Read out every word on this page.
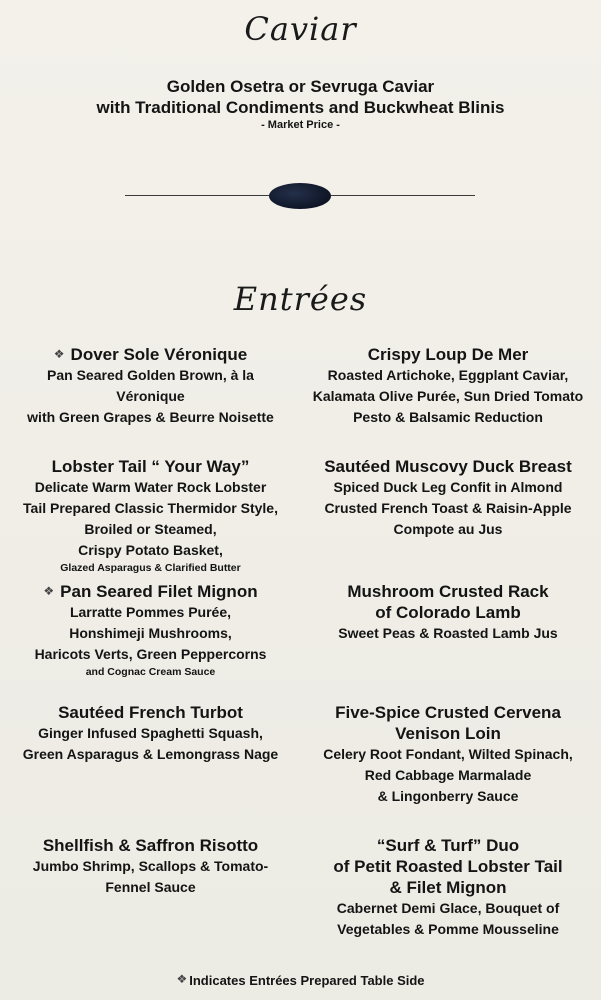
Caviar
Golden Osetra or Sevruga Caviar
with Traditional Condiments and Buckwheat Blinis
- Market Price -
Entrées
❖ Dover Sole Véronique
Pan Seared Golden Brown, à la
Véronique
with Green Grapes & Beurre Noisette
Lobster Tail “ Your Way”
Delicate Warm Water Rock Lobster
Tail Prepared Classic Thermidor Style,
Broiled or Steamed,
Crispy Potato Basket,
Glazed Asparagus & Clarified Butter
❖ Pan Seared Filet Mignon
Larratte Pommes Purée,
Honshimeji Mushrooms,
Haricots Verts, Green Peppercorns
and Cognac Cream Sauce
Sautéed French Turbot
Ginger Infused Spaghetti Squash,
Green Asparagus & Lemongrass Nage
Shellfish & Saffron Risotto
Jumbo Shrimp, Scallops & Tomato-
Fennel Sauce
Crispy Loup De Mer
Roasted Artichoke, Eggplant Caviar,
Kalamata Olive Purée, Sun Dried Tomato
Pesto & Balsamic Reduction
Sautéed Muscovy Duck Breast
Spiced Duck Leg Confit in Almond
Crusted French Toast & Raisin-Apple
Compote au Jus
Mushroom Crusted Rack
of Colorado Lamb
Sweet Peas & Roasted Lamb Jus
Five-Spice Crusted Cervena
Venison Loin
Celery Root Fondant, Wilted Spinach,
Red Cabbage Marmalade
& Lingonberry Sauce
“Surf & Turf” Duo
of Petit Roasted Lobster Tail
& Filet Mignon
Cabernet Demi Glace, Bouquet of
Vegetables & Pomme Mousseline
❖ Indicates Entrées Prepared Table Side
